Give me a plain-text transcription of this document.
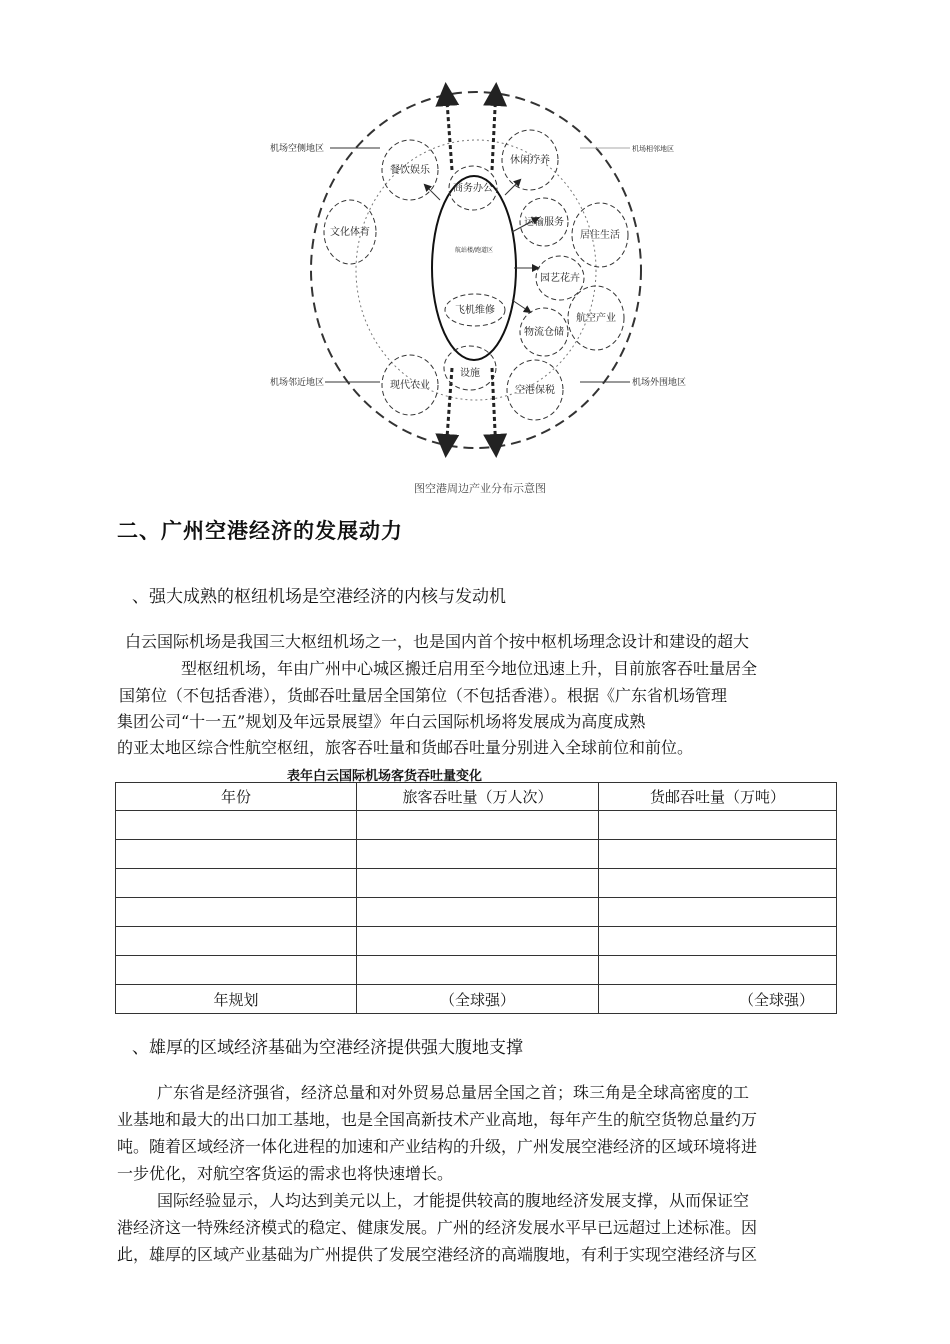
餐饮娱乐
商务办公
休闲疗养
文化体育
运输服务
居住生活
园艺花卉
飞机维修
航空产业
物流仓储
设施
现代农业	空港保税
航站楼/跑道区
机场空侧地区	机场相邻地区
机场邻近地区	机场外围地区
图空港周边产业分布示意图
二、广州空港经济的发展动力
、强大成熟的枢纽机场是空港经济的内核与发动机
白云国际机场是我国三大枢纽机场之一，也是国内首个按中枢机场理念设计和建设的超大
型枢纽机场，年由广州中心城区搬迁启用至今地位迅速上升，目前旅客吞吐量居全
国第位（不包括香港），货邮吞吐量居全国第位（不包括香港）。根据《广东省机场管理
集团公司“十一五”规划及年远景展望》年白云国际机场将发展成为高度成熟
的亚太地区综合性航空枢纽，旅客吞吐量和货邮吞吐量分别进入全球前位和前位。
表年白云国际机场客货吞吐量变化
年份	旅客吞吐量（万人次）	货邮吞吐量（万吨）

年规划	（全球强）	（全球强）
、雄厚的区域经济基础为空港经济提供强大腹地支撑
广东省是经济强省，经济总量和对外贸易总量居全国之首；珠三角是全球高密度的工
业基地和最大的出口加工基地，也是全国高新技术产业高地，每年产生的航空货物总量约万
吨。随着区域经济一体化进程的加速和产业结构的升级，广州发展空港经济的区域环境将进
一步优化，对航空客货运的需求也将快速增长。
国际经验显示，人均达到美元以上，才能提供较高的腹地经济发展支撑，从而保证空
港经济这一特殊经济模式的稳定、健康发展。广州的经济发展水平早已远超过上述标准。因
此，雄厚的区域产业基础为广州提供了发展空港经济的高端腹地，有利于实现空港经济与区
